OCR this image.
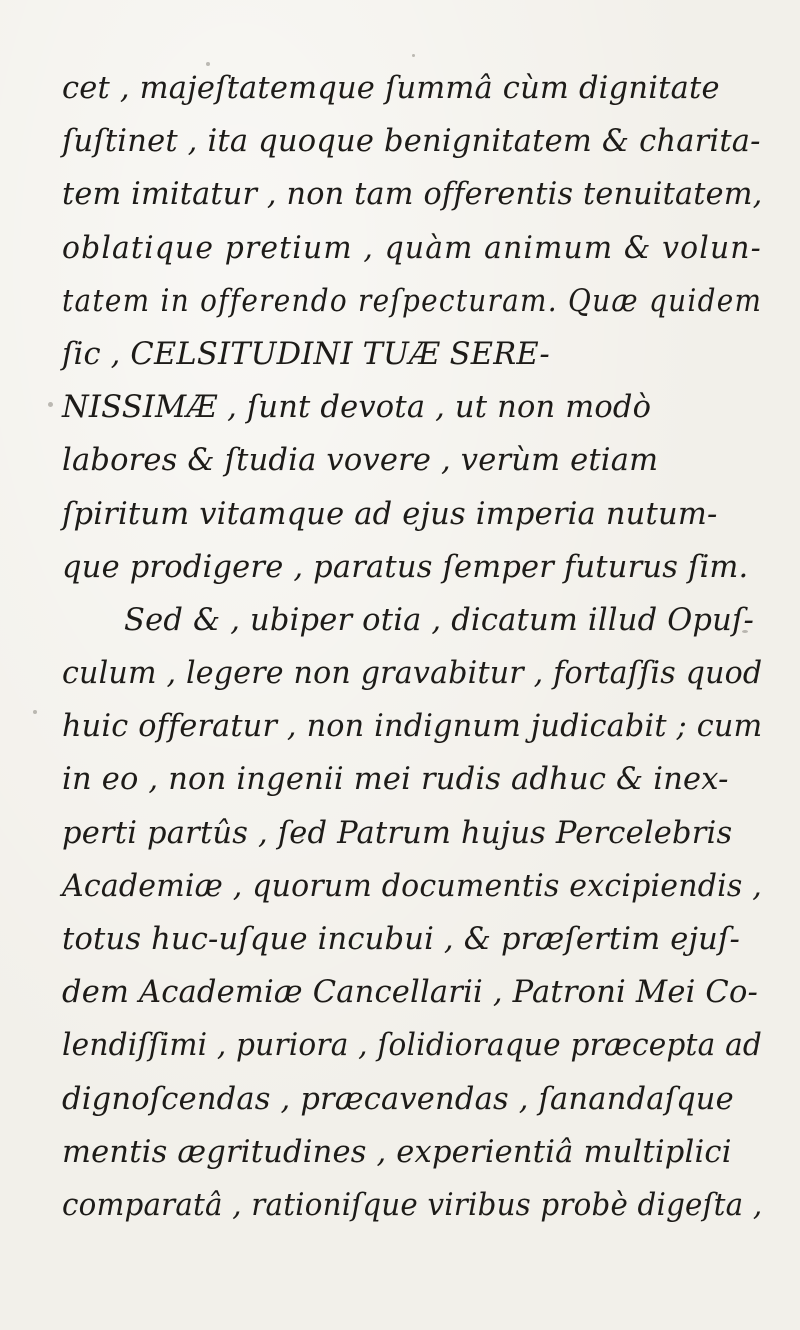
cet , majeſtatemque ſummâ cùm dignitate
ſuſtinet , ita quoque benignitatem & charita-
tem imitatur , non tam offerentis tenuitatem,
oblatique pretium , quàm animum & volun-
tatem in offerendo reſpecturam. Quæ quidem
ſic , CELSITUDINI TUÆ SERE-
NISSIMÆ , ſunt devota , ut non modò
labores & ſtudia vovere , verùm etiam
ſpiritum vitamque ad ejus imperia nutum-
que prodigere , paratus ſemper futurus ſim.
Sed & , ubiper otia , dicatum illud Opuſ-
culum , legere non gravabitur , fortaſſis quod
huic offeratur , non indignum judicabit ; cum
in eo , non ingenii mei rudis adhuc & inex-
perti partûs , ſed Patrum hujus Percelebris
Academiæ , quorum documentis excipiendis ,
totus huc-uſque incubui , & præſertim ejuſ-
dem Academiæ Cancellarii , Patroni Mei Co-
lendiſſimi , puriora , ſolidioraque præcepta ad
dignoſcendas , præcavendas , ſanandaſque
mentis ægritudines , experientiâ multiplici
comparatâ , rationiſque viribus probè digeſta ,
